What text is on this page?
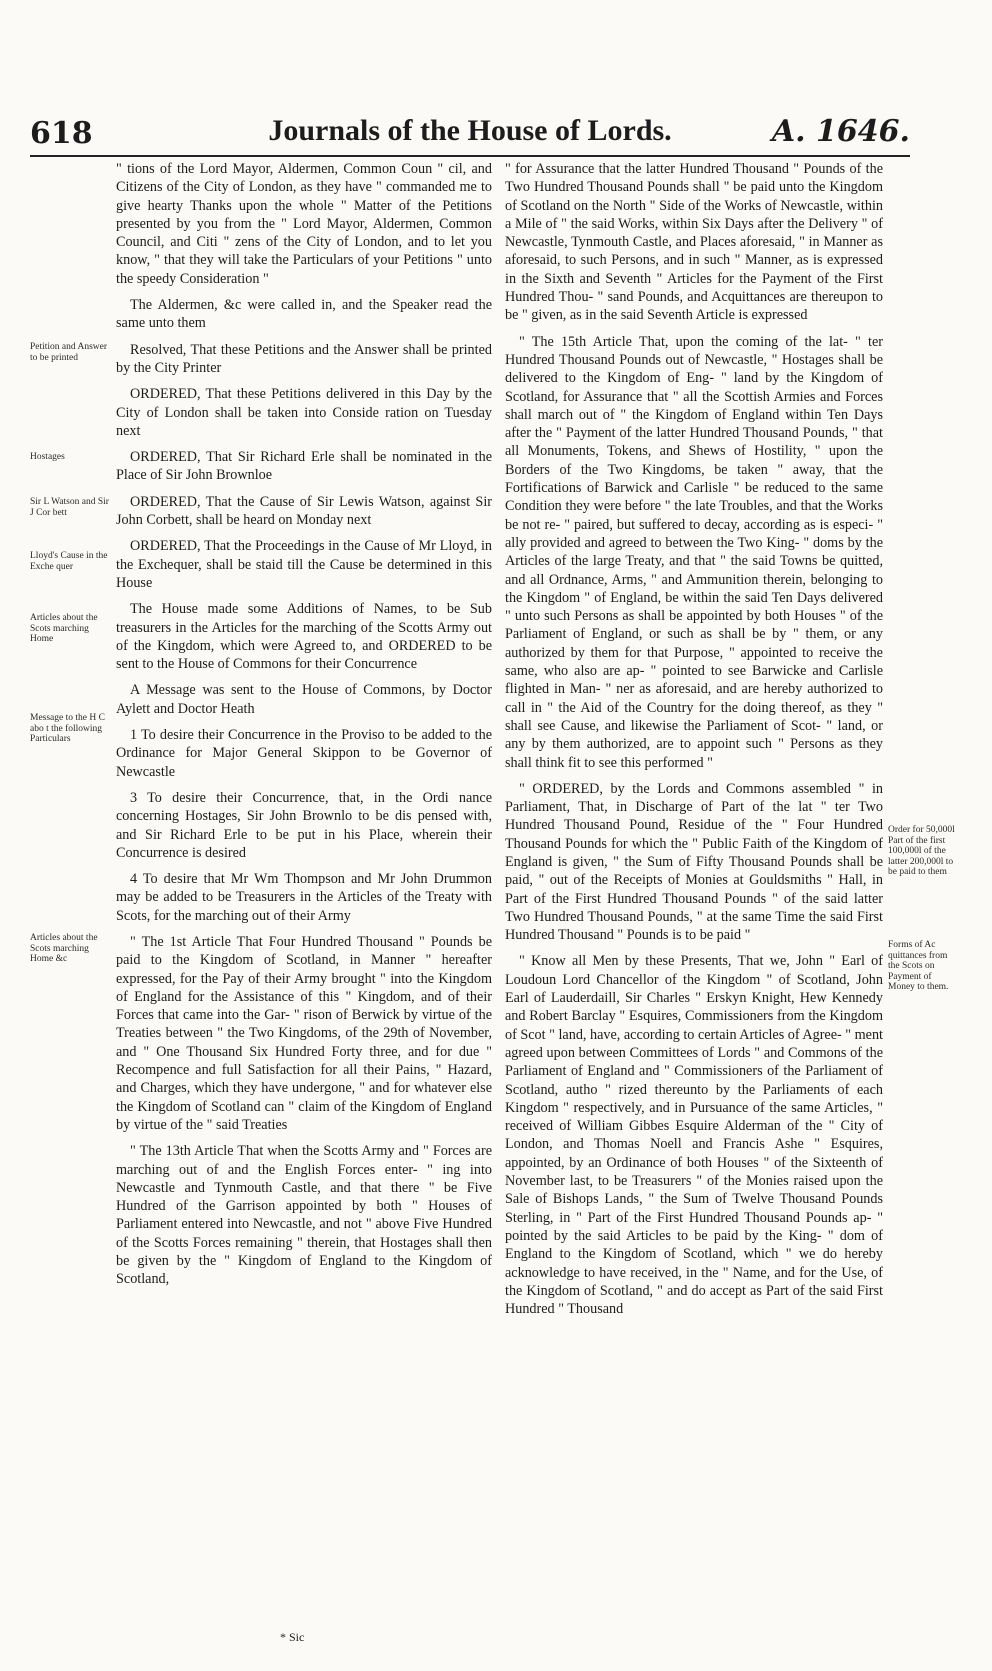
618	Journals of the House of Lords.	A. 1646.
Petition and Answer to be printed
Hostages
Sir L Watson and Sir J Cor bett
Lloyd's Cause in the Exche quer
Articles about the Scots marching Home
Message to the H C abo t the following Particulars
Articles about the Scots marching Home &c
Order for 50,000l Part of the first 100,000l of the latter 200,000l to be paid to them
Forms of Ac quittances from the Scots on Payment of Money to them.

" tions of the Lord Mayor, Aldermen, Common Coun " cil, and Citizens of the City of London, as they have " commanded me to give hearty Thanks upon the whole " Matter of the Petitions presented by you from the " Lord Mayor, Aldermen, Common Council, and Citi " zens of the City of London, and to let you know, " that they will take the Particulars of your Petitions " unto the speedy Consideration "

The Aldermen, &c were called in, and the Speaker read the same unto them

Resolved, That these Petitions and the Answer shall be printed by the City Printer

ORDERED, That these Petitions delivered in this Day by the City of London shall be taken into Conside ration on Tuesday next

ORDERED, That Sir Richard Erle shall be nominated in the Place of Sir John Brownloe

ORDERED, That the Cause of Sir Lewis Watson, against Sir John Corbett, shall be heard on Monday next

ORDERED, That the Proceedings in the Cause of Mr Lloyd, in the Exchequer, shall be staid till the Cause be determined in this House

The House made some Additions of Names, to be Sub treasurers in the Articles for the marching of the Scotts Army out of the Kingdom, which were Agreed to, and ORDERED to be sent to the House of Commons for their Concurrence

A Message was sent to the House of Commons, by Doctor Aylett and Doctor Heath

1 To desire their Concurrence in the Proviso to be added to the Ordinance for Major General Skippon to be Governor of Newcastle

3 To desire their Concurrence, that, in the Ordi nance concerning Hostages, Sir John Brownlo to be dis pensed with, and Sir Richard Erle to be put in his Place, wherein their Concurrence is desired

4 To desire that Mr Wm Thompson and Mr John Drummon may be added to be Treasurers in the Articles of the Treaty with Scots, for the marching out of their Army

" The 1st Article That Four Hundred Thousand " Pounds be paid to the Kingdom of Scotland, in Manner " hereafter expressed, for the Pay of their Army brought " into the Kingdom of England for the Assistance of this " Kingdom, and of their Forces that came into the Gar- " rison of Berwick by virtue of the Treaties between " the Two Kingdoms, of the 29th of November, and " One Thousand Six Hundred Forty three, and for due " Recompence and full Satisfaction for all their Pains, " Hazard, and Charges, which they have undergone, " and for whatever else the Kingdom of Scotland can " claim of the Kingdom of England by virtue of the " said Treaties

" The 13th Article That when the Scotts Army and " Forces are marching out of and the English Forces enter- " ing into Newcastle and Tynmouth Castle, and that there " be Five Hundred of the Garrison appointed by both " Houses of Parliament entered into Newcastle, and not " above Five Hundred of the Scotts Forces remaining " therein, that Hostages shall then be given by the " Kingdom of England to the Kingdom of Scotland,

" for Assurance that the latter Hundred Thousand " Pounds of the Two Hundred Thousand Pounds shall " be paid unto the Kingdom of Scotland on the North " Side of the Works of Newcastle, within a Mile of " the said Works, within Six Days after the Delivery " of Newcastle, Tynmouth Castle, and Places aforesaid, " in Manner as aforesaid, to such Persons, and in such " Manner, as is expressed in the Sixth and Seventh " Articles for the Payment of the First Hundred Thou- " sand Pounds, and Acquittances are thereupon to be " given, as in the said Seventh Article is expressed

" The 15th Article That, upon the coming of the lat- " ter Hundred Thousand Pounds out of Newcastle, " Hostages shall be delivered to the Kingdom of Eng- " land by the Kingdom of Scotland, for Assurance that " all the Scottish Armies and Forces shall march out of " the Kingdom of England within Ten Days after the " Payment of the latter Hundred Thousand Pounds, " that all Monuments, Tokens, and Shews of Hostility, " upon the Borders of the Two Kingdoms, be taken " away, that the Fortifications of Barwick and Carlisle " be reduced to the same Condition they were before " the late Troubles, and that the Works be not re- " paired, but suffered to decay, according as is especi- " ally provided and agreed to between the Two King- " doms by the Articles of the large Treaty, and that " the said Towns be quitted, and all Ordnance, Arms, " and Ammunition therein, belonging to the Kingdom " of England, be within the said Ten Days delivered " unto such Persons as shall be appointed by both Houses " of the Parliament of England, or such as shall be by " them, or any authorized by them for that Purpose, " appointed to receive the same, who also are ap- " pointed to see Barwicke and Carlisle flighted in Man- " ner as aforesaid, and are hereby authorized to call in " the Aid of the Country for the doing thereof, as they " shall see Cause, and likewise the Parliament of Scot- " land, or any by them authorized, are to appoint such " Persons as they shall think fit to see this performed "

" ORDERED, by the Lords and Commons assembled " in Parliament, That, in Discharge of Part of the lat " ter Two Hundred Thousand Pound, Residue of the " Four Hundred Thousand Pounds for which the " Public Faith of the Kingdom of England is given, " the Sum of Fifty Thousand Pounds shall be paid, " out of the Receipts of Monies at Gouldsmiths " Hall, in Part of the First Hundred Thousand Pounds " of the said latter Two Hundred Thousand Pounds, " at the same Time the said First Hundred Thousand " Pounds is to be paid "

" Know all Men by these Presents, That we, John " Earl of Loudoun Lord Chancellor of the Kingdom " of Scotland, John Earl of Lauderdaill, Sir Charles " Erskyn Knight, Hew Kennedy and Robert Barclay " Esquires, Commissioners from the Kingdom of Scot " land, have, according to certain Articles of Agree- " ment agreed upon between Committees of Lords " and Commons of the Parliament of England and " Commissioners of the Parliament of Scotland, autho " rized thereunto by the Parliaments of each Kingdom " respectively, and in Pursuance of the same Articles, " received of William Gibbes Esquire Alderman of the " City of London, and Thomas Noell and Francis Ashe " Esquires, appointed, by an Ordinance of both Houses " of the Sixteenth of November last, to be Treasurers " of the Monies raised upon the Sale of Bishops Lands, " the Sum of Twelve Thousand Pounds Sterling, in " Part of the First Hundred Thousand Pounds ap- " pointed by the said Articles to be paid by the King- " dom of England to the Kingdom of Scotland, which " we do hereby acknowledge to have received, in the " Name, and for the Use, of the Kingdom of Scotland, " and do accept as Part of the said First Hundred " Thousand

* Sic
